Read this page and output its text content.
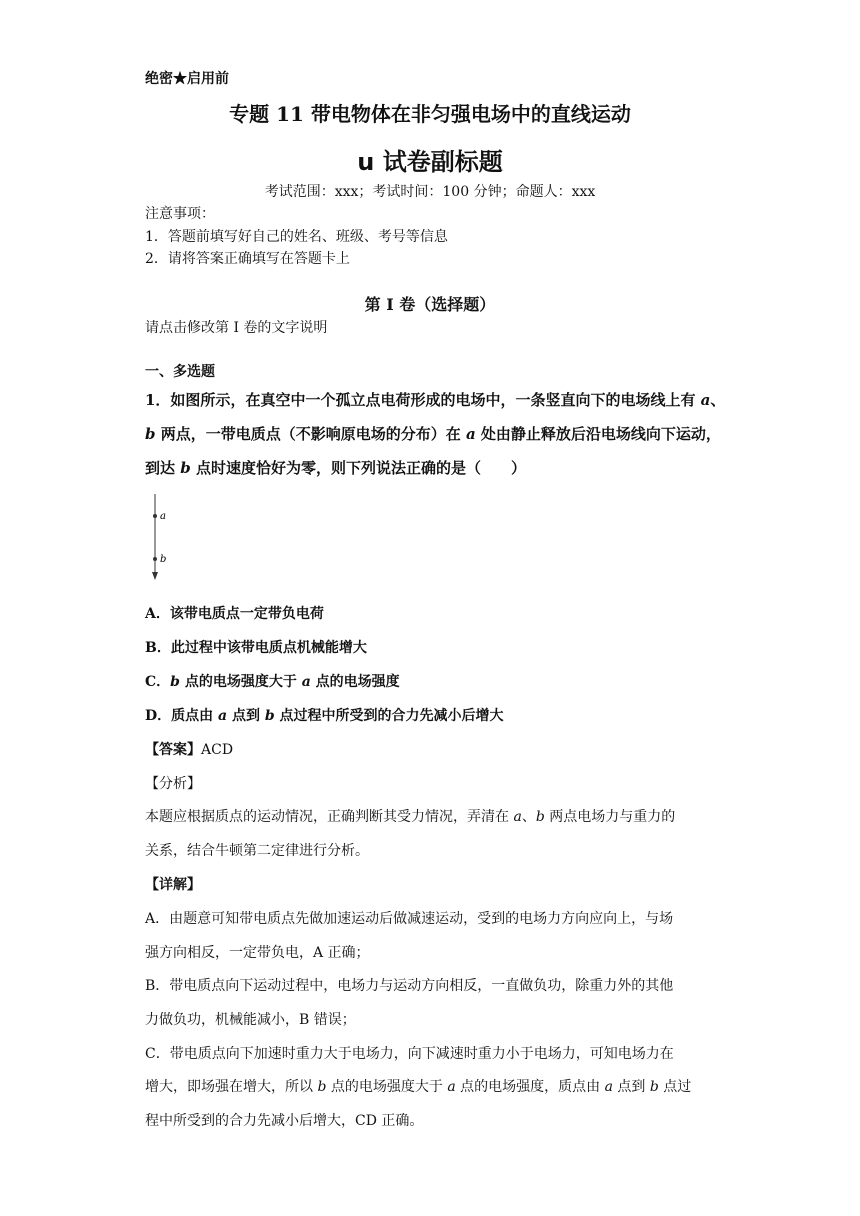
绝密★启用前
专题 11 带电物体在非匀强电场中的直线运动
u 试卷副标题
考试范围：xxx；考试时间：100 分钟；命题人：xxx
注意事项：
1．答题前填写好自己的姓名、班级、考号等信息
2．请将答案正确填写在答题卡上
第 I 卷（选择题）
请点击修改第 I 卷的文字说明
一、多选题
1．如图所示，在真空中一个孤立点电荷形成的电场中，一条竖直向下的电场线上有 a、
b 两点，一带电质点（不影响原电场的分布）在 a 处由静止释放后沿电场线向下运动，
到达 b 点时速度恰好为零，则下列说法正确的是（　　）
a
b
A．该带电质点一定带负电荷
B．此过程中该带电质点机械能增大
C．b 点的电场强度大于 a 点的电场强度
D．质点由 a 点到 b 点过程中所受到的合力先减小后增大
【答案】ACD
【分析】
本题应根据质点的运动情况，正确判断其受力情况，弄清在 a、b 两点电场力与重力的
关系，结合牛顿第二定律进行分析。
【详解】
A．由题意可知带电质点先做加速运动后做减速运动，受到的电场力方向应向上，与场
强方向相反，一定带负电，A 正确；
B．带电质点向下运动过程中，电场力与运动方向相反，一直做负功，除重力外的其他
力做负功，机械能减小，B 错误；
C．带电质点向下加速时重力大于电场力，向下减速时重力小于电场力，可知电场力在
增大，即场强在增大，所以 b 点的电场强度大于 a 点的电场强度，质点由 a 点到 b 点过
程中所受到的合力先减小后增大，CD 正确。
